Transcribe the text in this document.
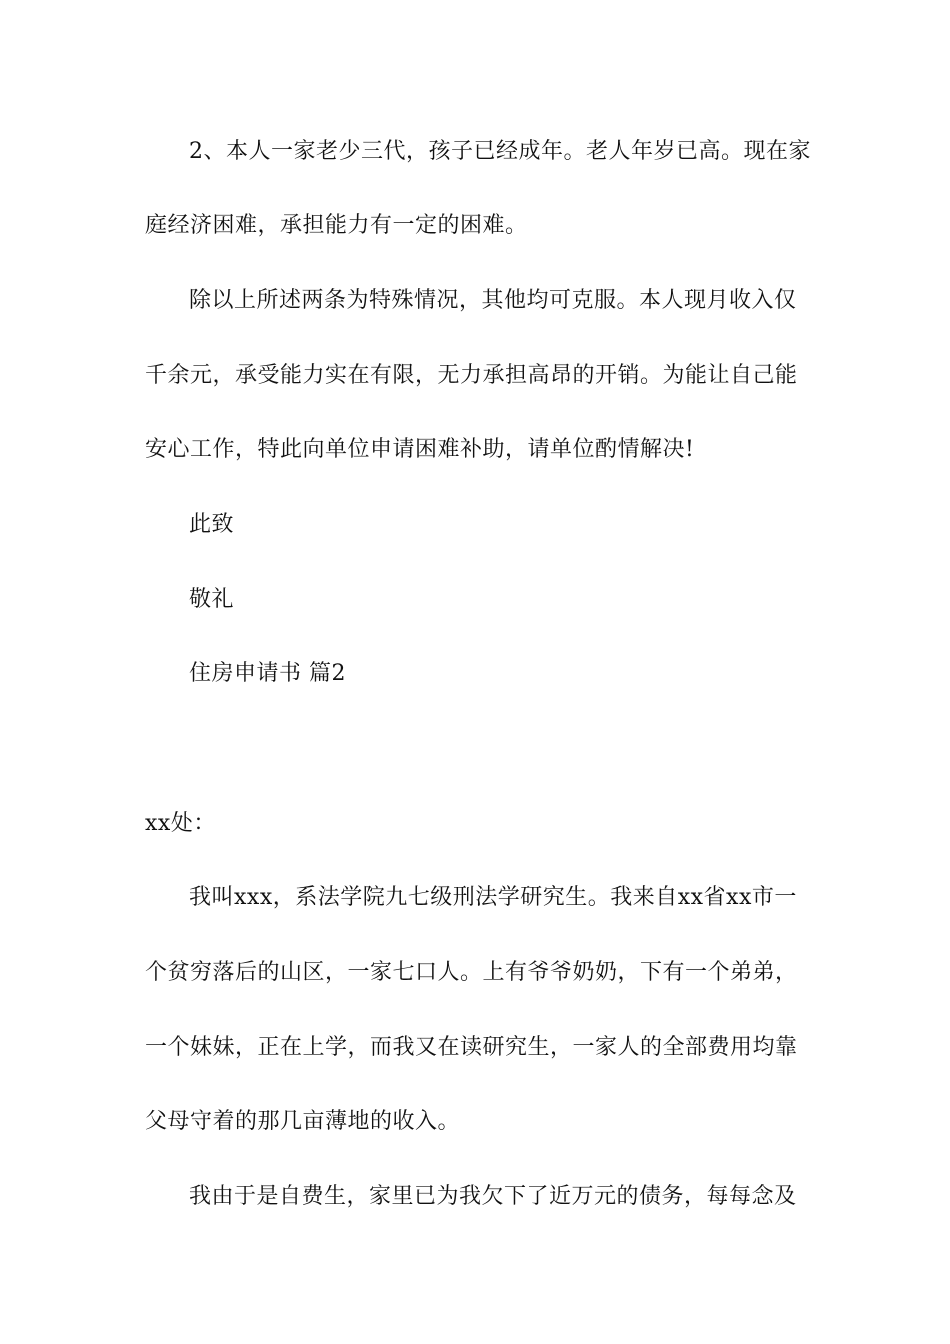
2、本人一家老少三代，孩子已经成年。老人年岁已高。现在家
庭经济困难，承担能力有一定的困难。
除以上所述两条为特殊情况，其他均可克服。本人现月收入仅
千余元，承受能力实在有限，无力承担高昂的开销。为能让自己能
安心工作，特此向单位申请困难补助，请单位酌情解决!
此致
敬礼
住房申请书 篇2
xx处：
我叫xxx，系法学院九七级刑法学研究生。我来自xx省xx市一
个贫穷落后的山区，一家七口人。上有爷爷奶奶，下有一个弟弟，
一个妹妹，正在上学，而我又在读研究生，一家人的全部费用均靠
父母守着的那几亩薄地的收入。
我由于是自费生，家里已为我欠下了近万元的债务，每每念及
